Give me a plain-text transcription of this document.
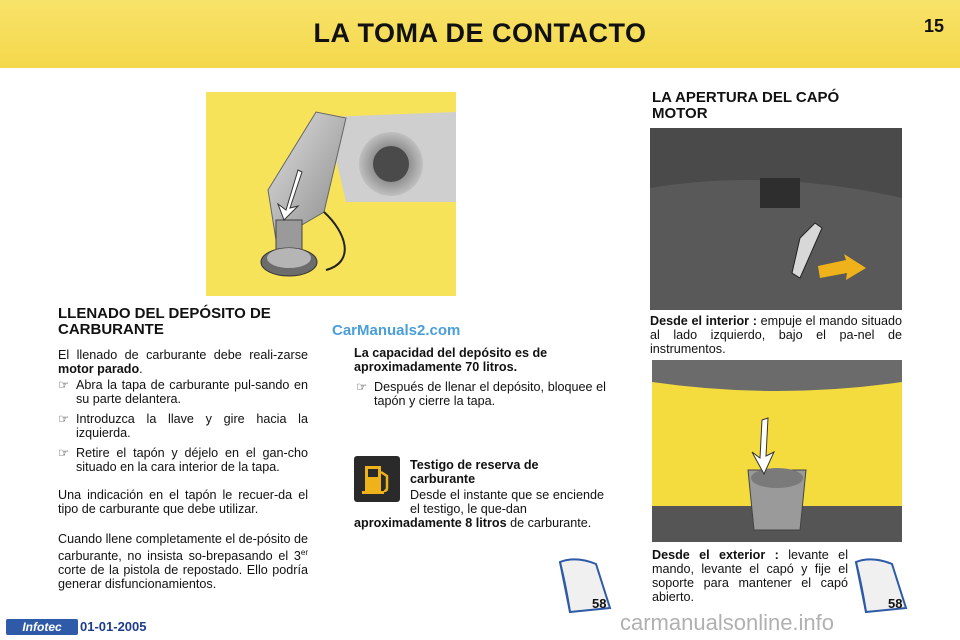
LA TOMA DE CONTACTO	15
LLENADO DEL DEPÓSITO DE CARBURANTE
El llenado de carburante debe reali-zarse motor parado.
☞ Abra la tapa de carburante pul-sando en su parte delantera.
☞ Introduzca la llave y gire hacia la izquierda.
☞ Retire el tapón y déjelo en el gan-cho situado en la cara interior de la tapa.
Una indicación en el tapón le recuer-da el tipo de carburante que debe utilizar.
Cuando llene completamente el de-pósito de carburante, no insista so-brepasando el 3er corte de la pistola de repostado. Ello podría generar disfuncionamientos.
CarManuals2.com
La capacidad del depósito es de aproximadamente 70 litros.
☞ Después de llenar el depósito, bloquee el tapón y cierre la tapa.
Testigo de reserva de carburante
Desde el instante que se enciende el testigo, le que-dan
aproximadamente 8 litros de carburante.
58
LA APERTURA DEL CAPÓ MOTOR
Desde el interior : empuje el mando situado al lado izquierdo, bajo el pa-nel de instrumentos.
Desde el exterior : levante el mando, levante el capó y fije el soporte para mantener el capó abierto.	58
Infotec	01-01-2005	carmanualsonline.info
